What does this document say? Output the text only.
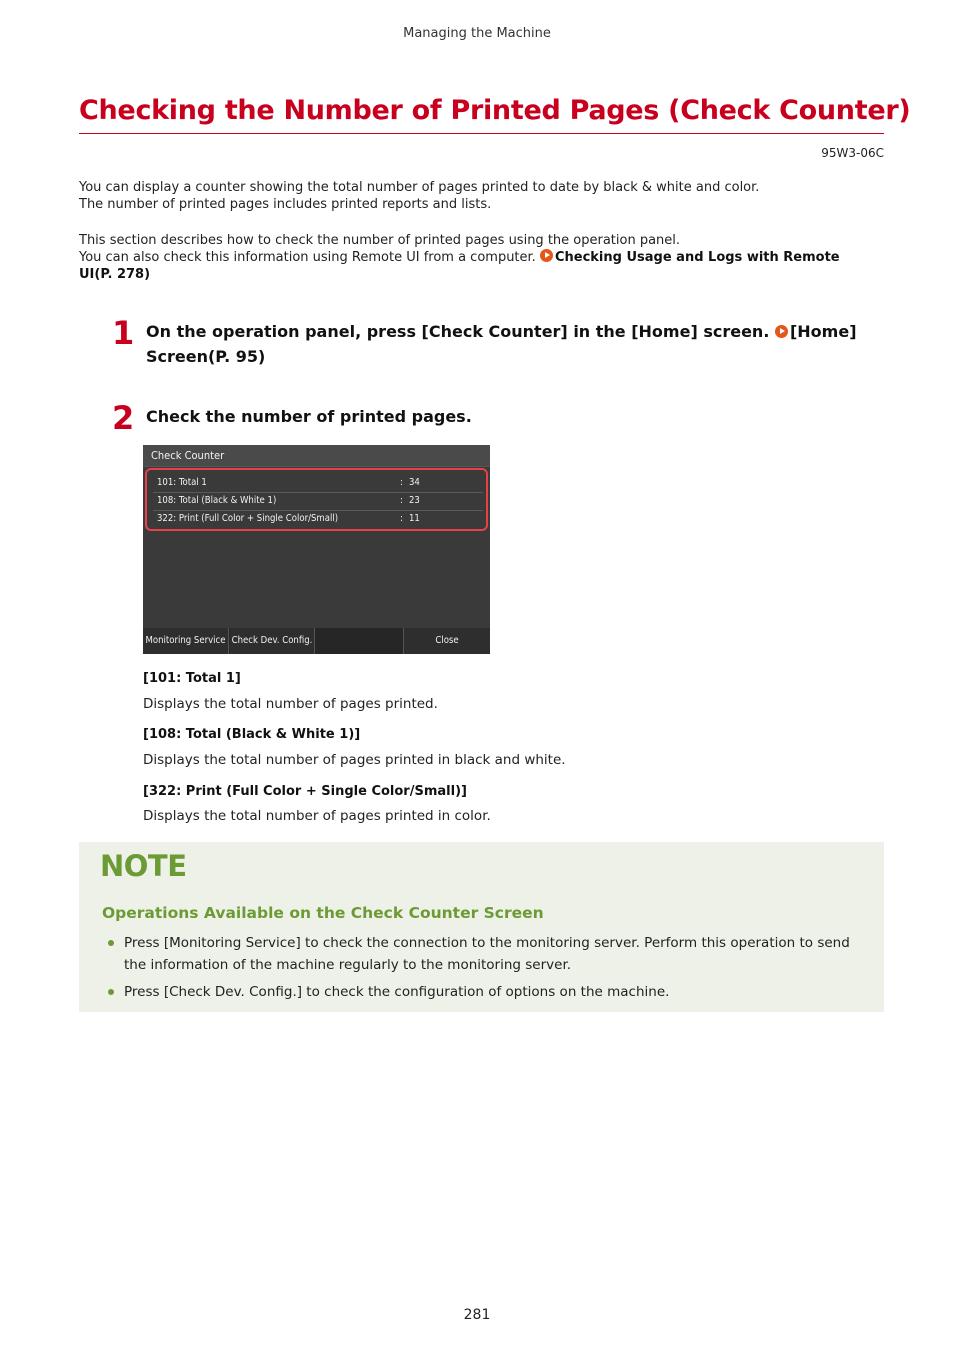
Managing the Machine
Checking the Number of Printed Pages (Check Counter)
95W3-06C
You can display a counter showing the total number of pages printed to date by black & white and color.
The number of printed pages includes printed reports and lists.
This section describes how to check the number of printed pages using the operation panel.
You can also check this information using Remote UI from a computer. Checking Usage and Logs with Remote
UI(P. 278)
1 On the operation panel, press [Check Counter] in the [Home] screen. [Home]
Screen(P. 95)
2 Check the number of printed pages.
Check Counter
101: Total 1	: 34
108: Total (Black & White 1)	: 23
322: Print (Full Color + Single Color/Small)	: 11
Monitoring Service Check Dev. Config.	Close
[101: Total 1]
Displays the total number of pages printed.
[108: Total (Black & White 1)]
Displays the total number of pages printed in black and white.
[322: Print (Full Color + Single Color/Small)]
Displays the total number of pages printed in color.
NOTE
Operations Available on the Check Counter Screen
Press [Monitoring Service] to check the connection to the monitoring server. Perform this operation to send
the information of the machine regularly to the monitoring server.
Press [Check Dev. Config.] to check the configuration of options on the machine.
281
